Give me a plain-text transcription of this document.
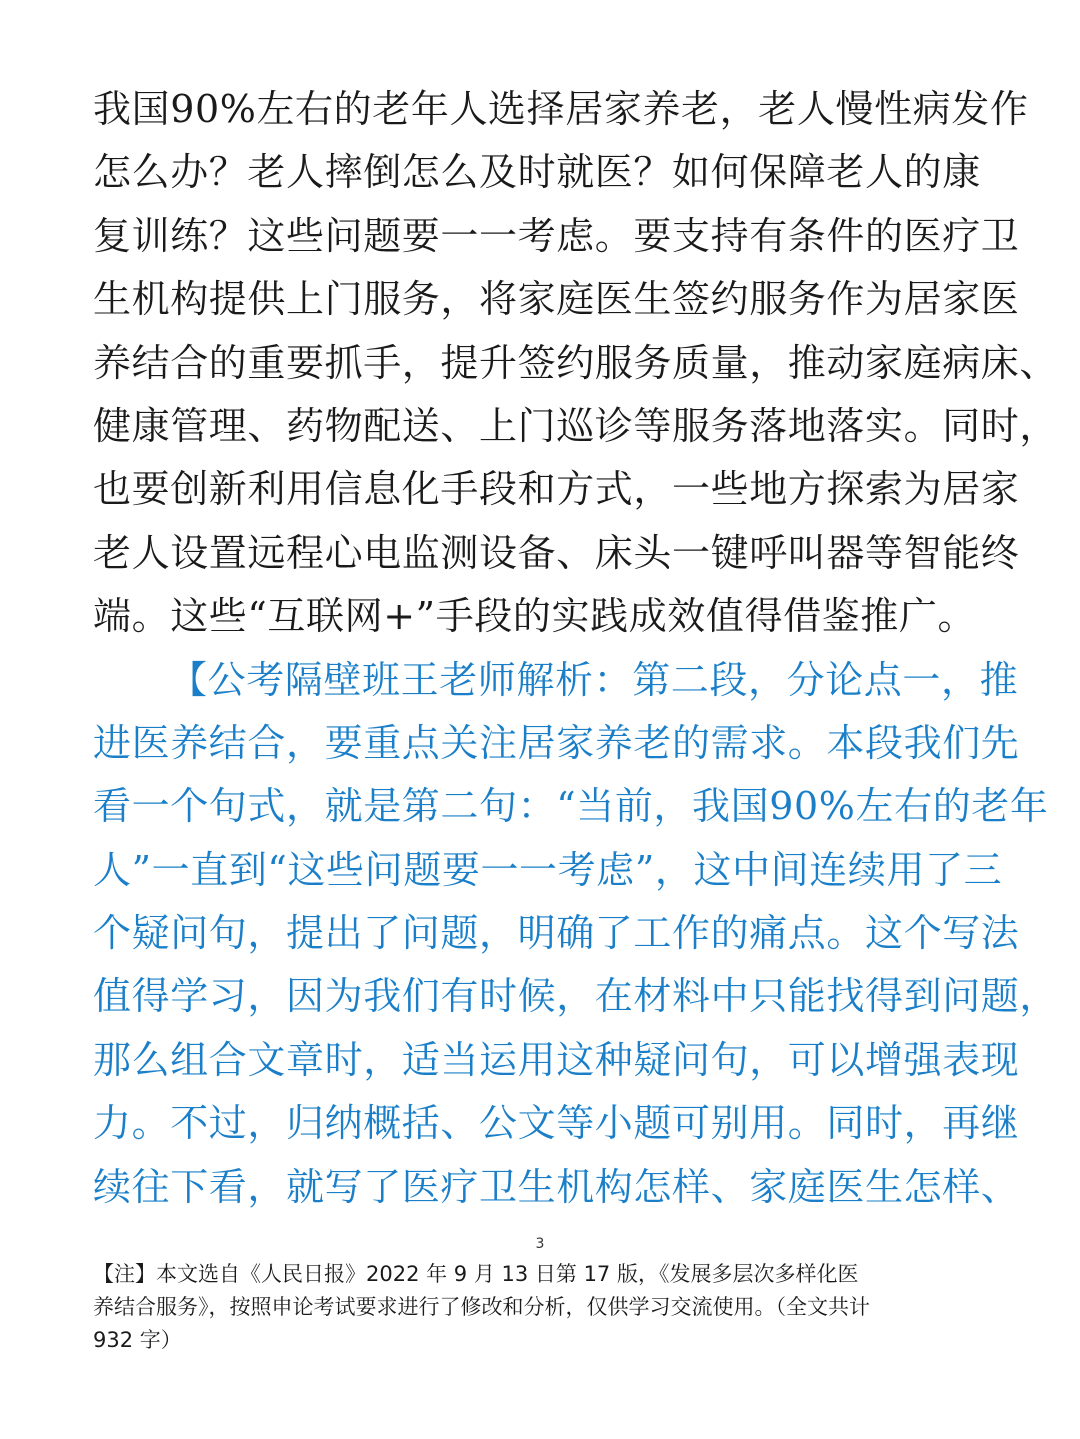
我国90%左右的老年人选择居家养老，老人慢性病发作
怎么办？老人摔倒怎么及时就医？如何保障老人的康
复训练？这些问题要一一考虑。要支持有条件的医疗卫
生机构提供上门服务，将家庭医生签约服务作为居家医
养结合的重要抓手，提升签约服务质量，推动家庭病床、
健康管理、药物配送、上门巡诊等服务落地落实。同时，
也要创新利用信息化手段和方式，一些地方探索为居家
老人设置远程心电监测设备、床头一键呼叫器等智能终
端。这些“互联网+”手段的实践成效值得借鉴推广。
【公考隔壁班王老师解析：第二段，分论点一，推
进医养结合，要重点关注居家养老的需求。本段我们先
看一个句式，就是第二句：“当前，我国90%左右的老年
人”一直到“这些问题要一一考虑”，这中间连续用了三
个疑问句，提出了问题，明确了工作的痛点。这个写法
值得学习，因为我们有时候，在材料中只能找得到问题，
那么组合文章时，适当运用这种疑问句，可以增强表现
力。不过，归纳概括、公文等小题可别用。同时，再继
续往下看，就写了医疗卫生机构怎样、家庭医生怎样、
3
【注】本文选自《人民日报》2022 年 9 月 13 日第 17 版，《发展多层次多样化医
养结合服务》，按照申论考试要求进行了修改和分析，仅供学习交流使用。（全文共计
932 字）
